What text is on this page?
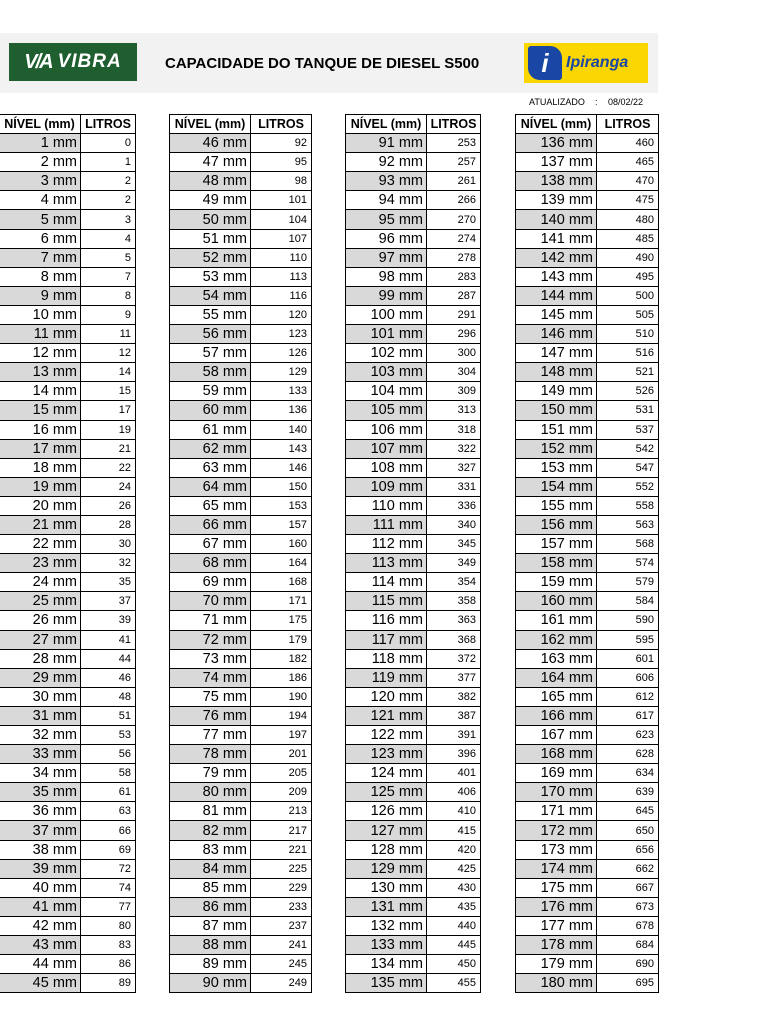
V/A VIBRA	CAPACIDADE DO TANQUE DE DIESEL S500	i	Ipiranga
ATUALIZADO : 08/02/22
NÍVEL (mm)	LITROS
1 mm	0
2 mm	1
3 mm	2
4 mm	2
5 mm	3
6 mm	4
7 mm	5
8 mm	7
9 mm	8
10 mm	9
11 mm	11
12 mm	12
13 mm	14
14 mm	15
15 mm	17
16 mm	19
17 mm	21
18 mm	22
19 mm	24
20 mm	26
21 mm	28
22 mm	30
23 mm	32
24 mm	35
25 mm	37
26 mm	39
27 mm	41
28 mm	44
29 mm	46
30 mm	48
31 mm	51
32 mm	53
33 mm	56
34 mm	58
35 mm	61
36 mm	63
37 mm	66
38 mm	69
39 mm	72
40 mm	74
41 mm	77
42 mm	80
43 mm	83
44 mm	86
45 mm	89
NÍVEL (mm)	LITROS
46 mm	92
47 mm	95
48 mm	98
49 mm	101
50 mm	104
51 mm	107
52 mm	110
53 mm	113
54 mm	116
55 mm	120
56 mm	123
57 mm	126
58 mm	129
59 mm	133
60 mm	136
61 mm	140
62 mm	143
63 mm	146
64 mm	150
65 mm	153
66 mm	157
67 mm	160
68 mm	164
69 mm	168
70 mm	171
71 mm	175
72 mm	179
73 mm	182
74 mm	186
75 mm	190
76 mm	194
77 mm	197
78 mm	201
79 mm	205
80 mm	209
81 mm	213
82 mm	217
83 mm	221
84 mm	225
85 mm	229
86 mm	233
87 mm	237
88 mm	241
89 mm	245
90 mm	249
NÍVEL (mm)	LITROS
91 mm	253
92 mm	257
93 mm	261
94 mm	266
95 mm	270
96 mm	274
97 mm	278
98 mm	283
99 mm	287
100 mm	291
101 mm	296
102 mm	300
103 mm	304
104 mm	309
105 mm	313
106 mm	318
107 mm	322
108 mm	327
109 mm	331
110 mm	336
111 mm	340
112 mm	345
113 mm	349
114 mm	354
115 mm	358
116 mm	363
117 mm	368
118 mm	372
119 mm	377
120 mm	382
121 mm	387
122 mm	391
123 mm	396
124 mm	401
125 mm	406
126 mm	410
127 mm	415
128 mm	420
129 mm	425
130 mm	430
131 mm	435
132 mm	440
133 mm	445
134 mm	450
135 mm	455
NÍVEL (mm)	LITROS
136 mm	460
137 mm	465
138 mm	470
139 mm	475
140 mm	480
141 mm	485
142 mm	490
143 mm	495
144 mm	500
145 mm	505
146 mm	510
147 mm	516
148 mm	521
149 mm	526
150 mm	531
151 mm	537
152 mm	542
153 mm	547
154 mm	552
155 mm	558
156 mm	563
157 mm	568
158 mm	574
159 mm	579
160 mm	584
161 mm	590
162 mm	595
163 mm	601
164 mm	606
165 mm	612
166 mm	617
167 mm	623
168 mm	628
169 mm	634
170 mm	639
171 mm	645
172 mm	650
173 mm	656
174 mm	662
175 mm	667
176 mm	673
177 mm	678
178 mm	684
179 mm	690
180 mm	695
